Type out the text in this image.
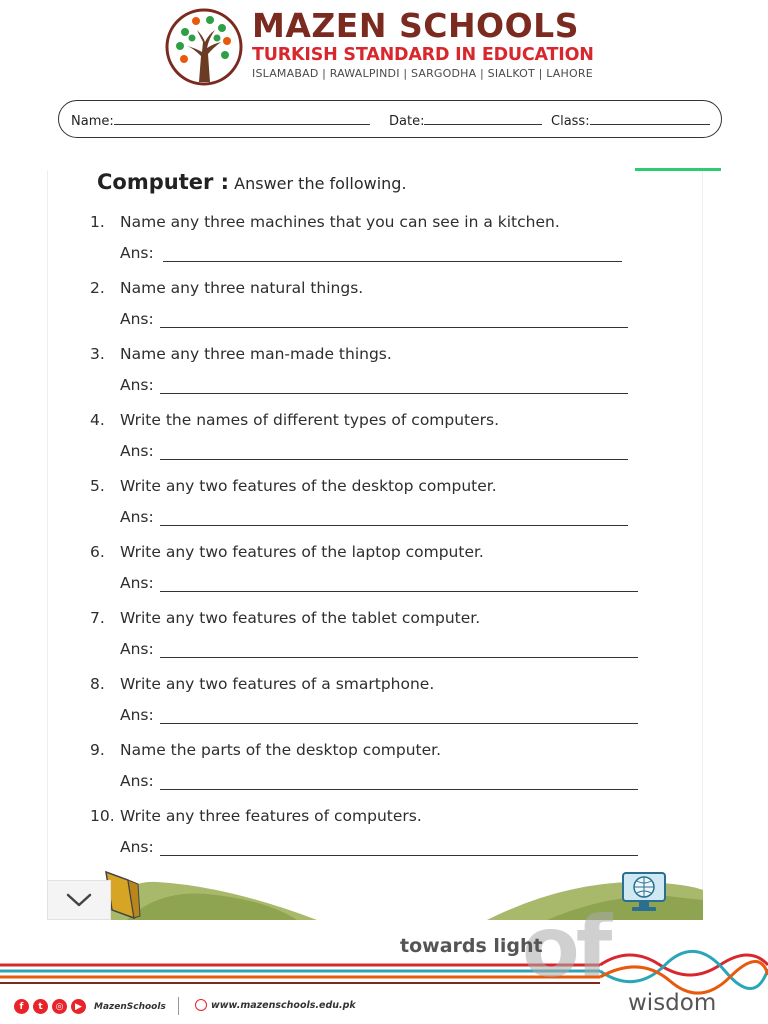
MAZEN SCHOOLS
TURKISH STANDARD IN EDUCATION
ISLAMABAD | RAWALPINDI | SARGODHA | SIALKOT | LAHORE
Name:	Date:	Class:
Computer : Answer the following.
1. Name any three machines that you can see in a kitchen.
Ans:
2. Name any three natural things.
Ans:
3. Name any three man-made things.
Ans:
4. Write the names of different types of computers.
Ans:
5. Write any two features of the desktop computer.
Ans:
6. Write any two features of the laptop computer.
Ans:
7. Write any two features of the tablet computer.
Ans:
8. Write any two features of a smartphone.
Ans:
9. Name the parts of the desktop computer.
Ans:
10. Write any three features of computers.
Ans:
of
towards light
wisdom
f	t	◎	▶	MazenSchools	www.mazenschools.edu.pk
